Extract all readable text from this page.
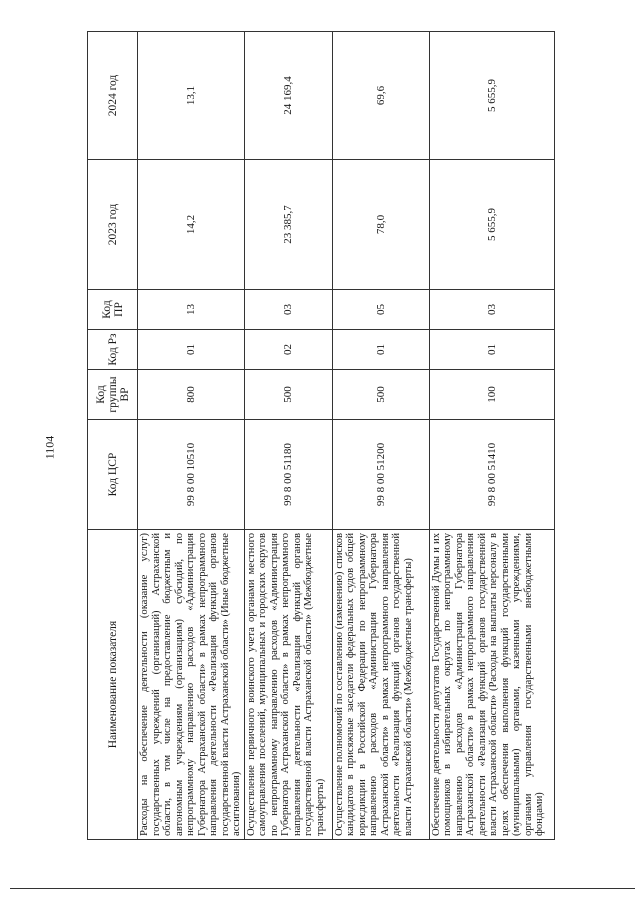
1104
Наименование показателя	Код ЦСР	Код группы ВР	Код Рз	Код ПР	2023 год	2024 год
Расходы на обеспечение деятельности (оказание услуг) государственных учреждений (организаций) Астраханской области, в том числе на предоставление бюджетным и автономным учреждениям (организациям) субсидий, по непрограммному направлению расходов «Администрация Губернатора Астраханской области» в рамках непрограммного направления деятельности «Реализация функций органов государственной власти Астраханской области» (Иные бюджетные ассигнования)	99 8 00 10510	800	01	13	14,2	13,1
Осуществление первичного воинского учета органами местного самоуправления поселений, муниципальных и городских округов по непрограммному направлению расходов «Администрация Губернатора Астраханской области» в рамках непрограммного направления деятельности «Реализация функций органов государственной власти Астраханской области» (Межбюджетные трансферты)	99 8 00 51180	500	02	03	23 385,7	24 169,4
Осуществление полномочий по составлению (изменению) списков кандидатов в присяжные заседатели федеральных судов общей юрисдикции в Российской Федерации по непрограммному направлению расходов «Администрация Губернатора Астраханской области» в рамках непрограммного направления деятельности «Реализация функций органов государственной власти Астраханской области» (Межбюджетные трансферты)	99 8 00 51200	500	01	05	78,0	69,6
Обеспечение деятельности депутатов Государственной Думы и их помощников в избирательных округах по непрограммному направлению расходов «Администрация Губернатора Астраханской области» в рамках непрограммного направления деятельности «Реализация функций органов государственной власти Астраханской области» (Расходы на выплаты персоналу в целях обеспечения выполнения функций государственными (муниципальными) органами, казенными учреждениями, органами управления государственными внебюджетными фондами)	99 8 00 51410	100	01	03	5 655,9	5 655,9
